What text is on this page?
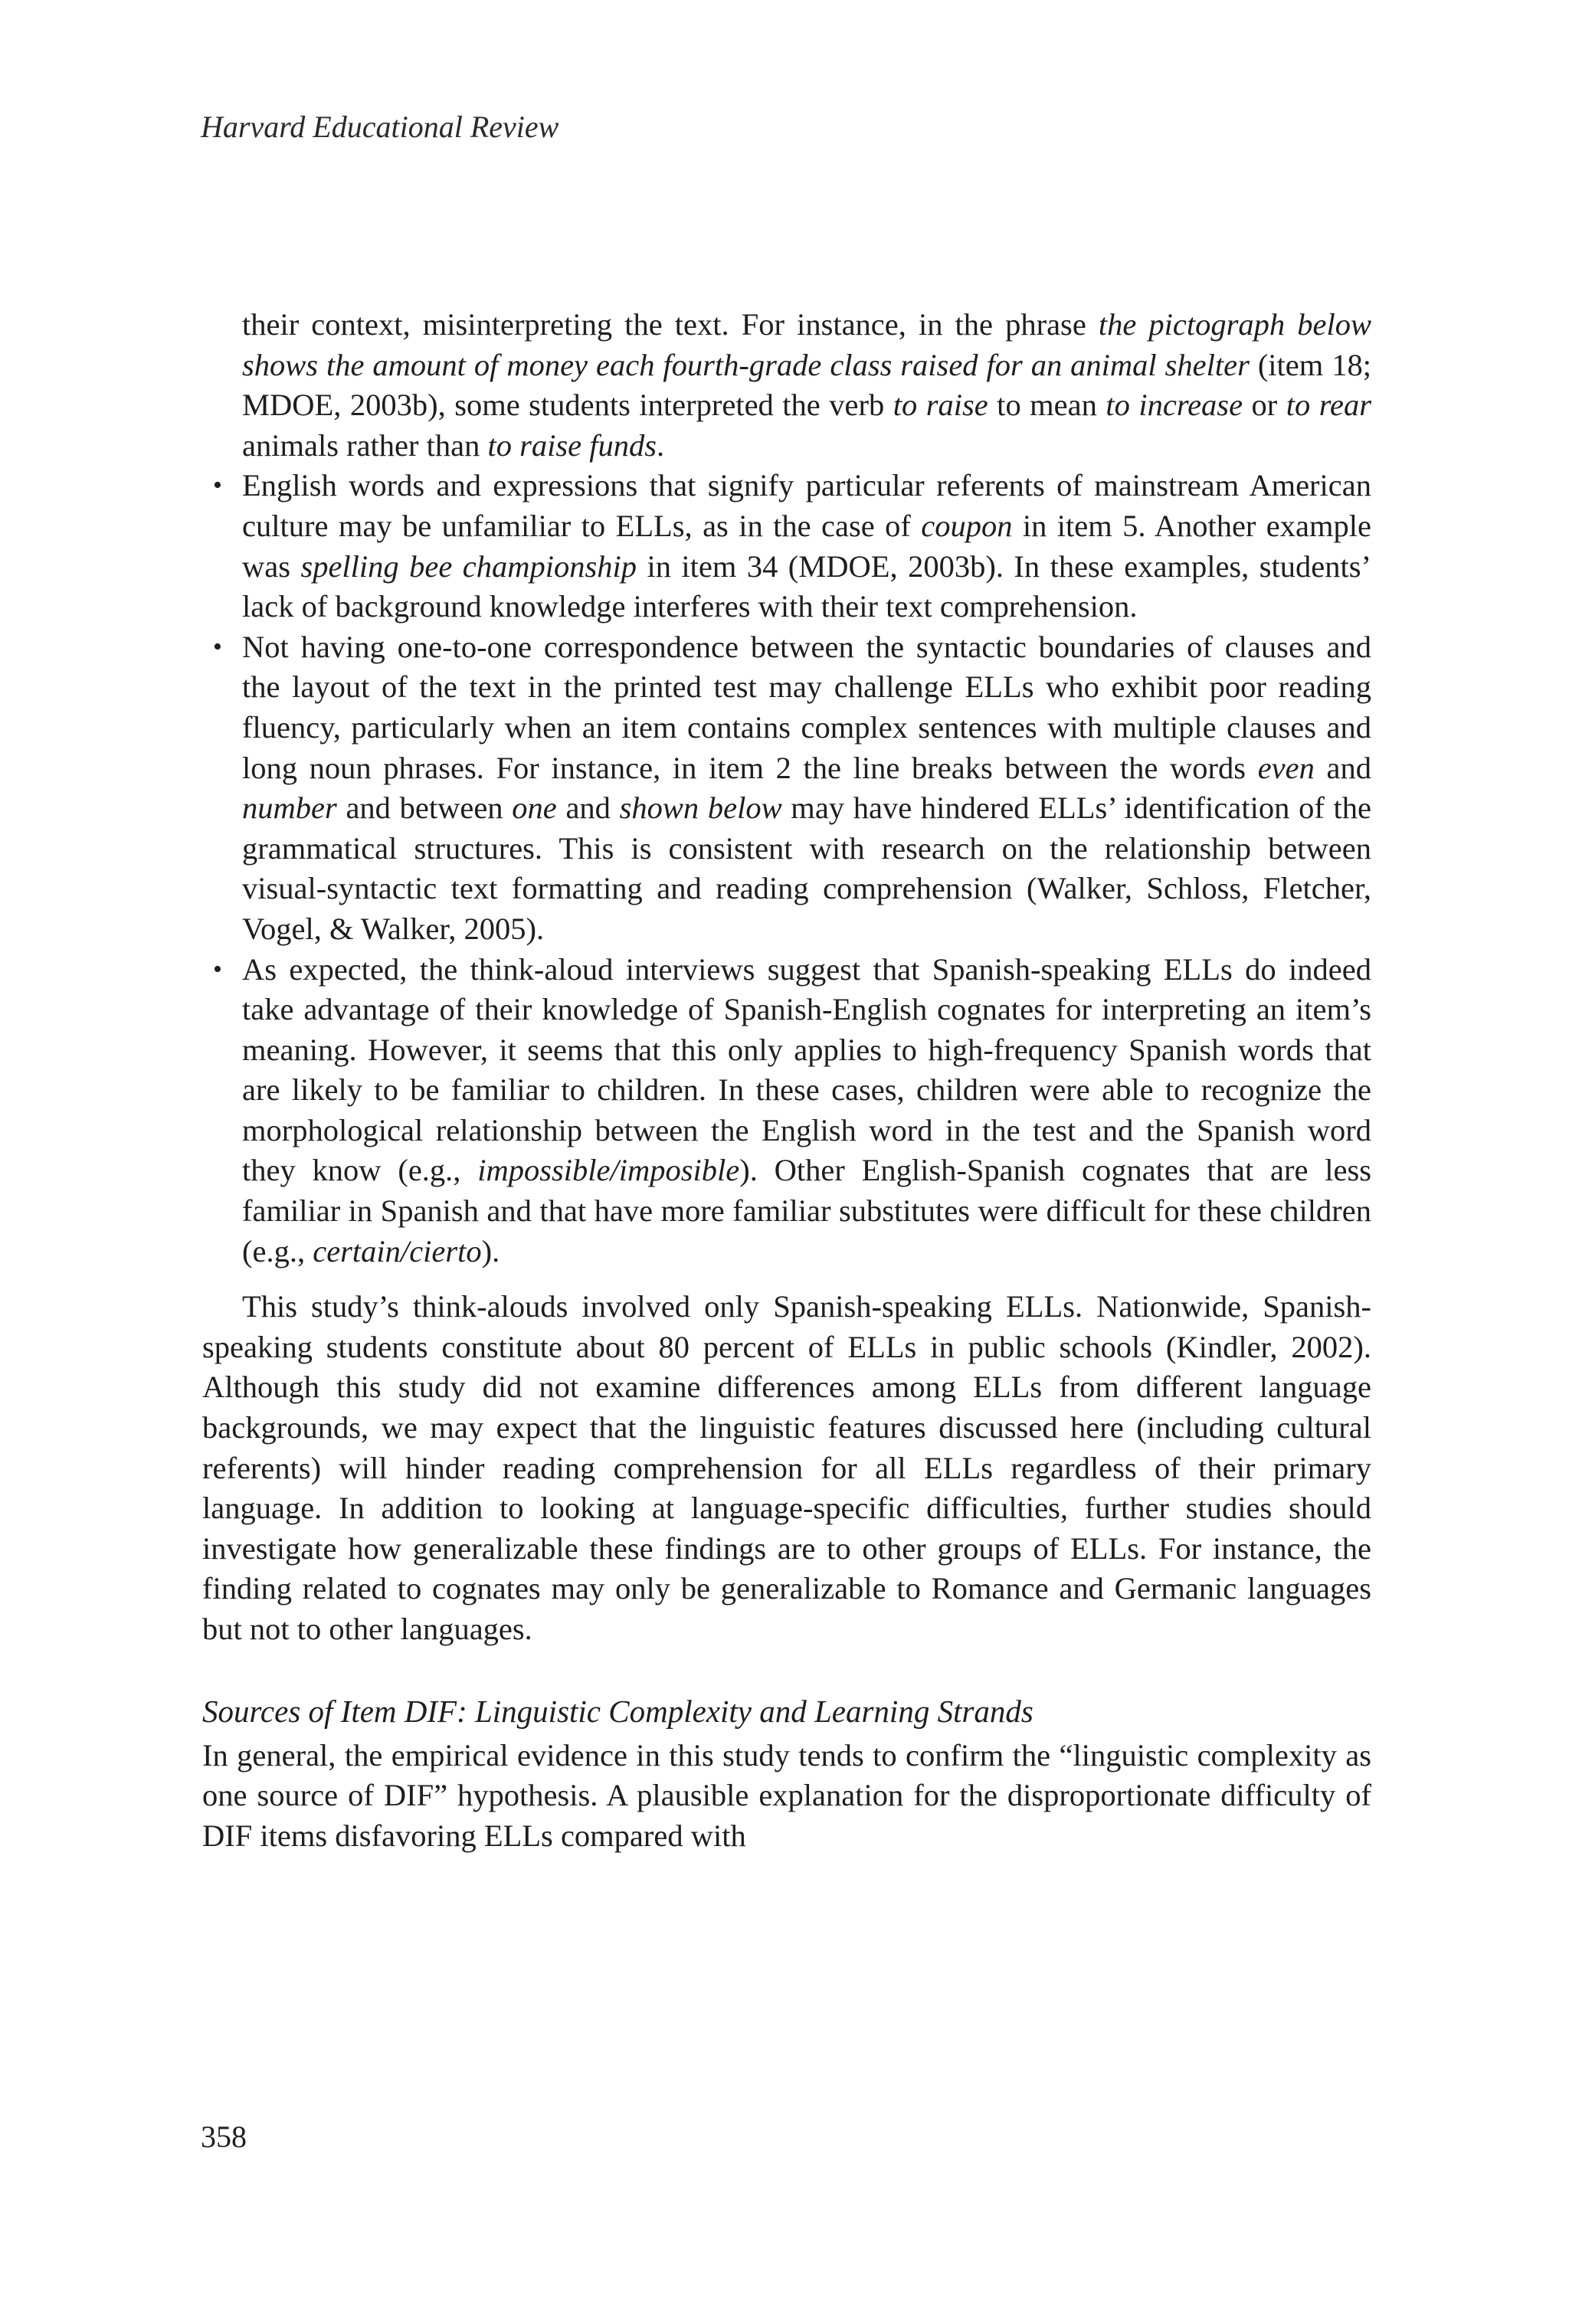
Harvard Educational Review

their context, misinterpreting the text. For instance, in the phrase the pictograph below shows the amount of money each fourth-grade class raised for an animal shelter (item 18; MDOE, 2003b), some students interpreted the verb to raise to mean to increase or to rear animals rather than to raise funds.

• English words and expressions that signify particular referents of mainstream American culture may be unfamiliar to ELLs, as in the case of coupon in item 5. Another example was spelling bee championship in item 34 (MDOE, 2003b). In these examples, students’ lack of background knowledge interferes with their text comprehension.
• Not having one-to-one correspondence between the syntactic boundaries of clauses and the layout of the text in the printed test may challenge ELLs who exhibit poor reading fluency, particularly when an item contains complex sentences with multiple clauses and long noun phrases. For instance, in item 2 the line breaks between the words even and number and between one and shown below may have hindered ELLs’ identification of the grammatical structures. This is consistent with research on the relationship between visual-syntactic text formatting and reading comprehension (Walker, Schloss, Fletcher, Vogel, & Walker, 2005).
• As expected, the think-aloud interviews suggest that Spanish-speaking ELLs do indeed take advantage of their knowledge of Spanish-English cognates for interpreting an item’s meaning. However, it seems that this only applies to high-frequency Spanish words that are likely to be familiar to children. In these cases, children were able to recognize the morphological relationship between the English word in the test and the Spanish word they know (e.g., impossible/imposible). Other English-Spanish cognates that are less familiar in Spanish and that have more familiar substitutes were difficult for these children (e.g., certain/cierto).

This study’s think-alouds involved only Spanish-speaking ELLs. Nationwide, Spanish-speaking students constitute about 80 percent of ELLs in public schools (Kindler, 2002). Although this study did not examine differences among ELLs from different language backgrounds, we may expect that the linguistic features discussed here (including cultural referents) will hinder reading comprehension for all ELLs regardless of their primary language. In addition to looking at language-specific difficulties, further studies should investigate how generalizable these findings are to other groups of ELLs. For instance, the finding related to cognates may only be generalizable to Romance and Germanic languages but not to other languages.

Sources of Item DIF: Linguistic Complexity and Learning Strands

In general, the empirical evidence in this study tends to confirm the “linguistic complexity as one source of DIF” hypothesis. A plausible explanation for the disproportionate difficulty of DIF items disfavoring ELLs compared with

358
